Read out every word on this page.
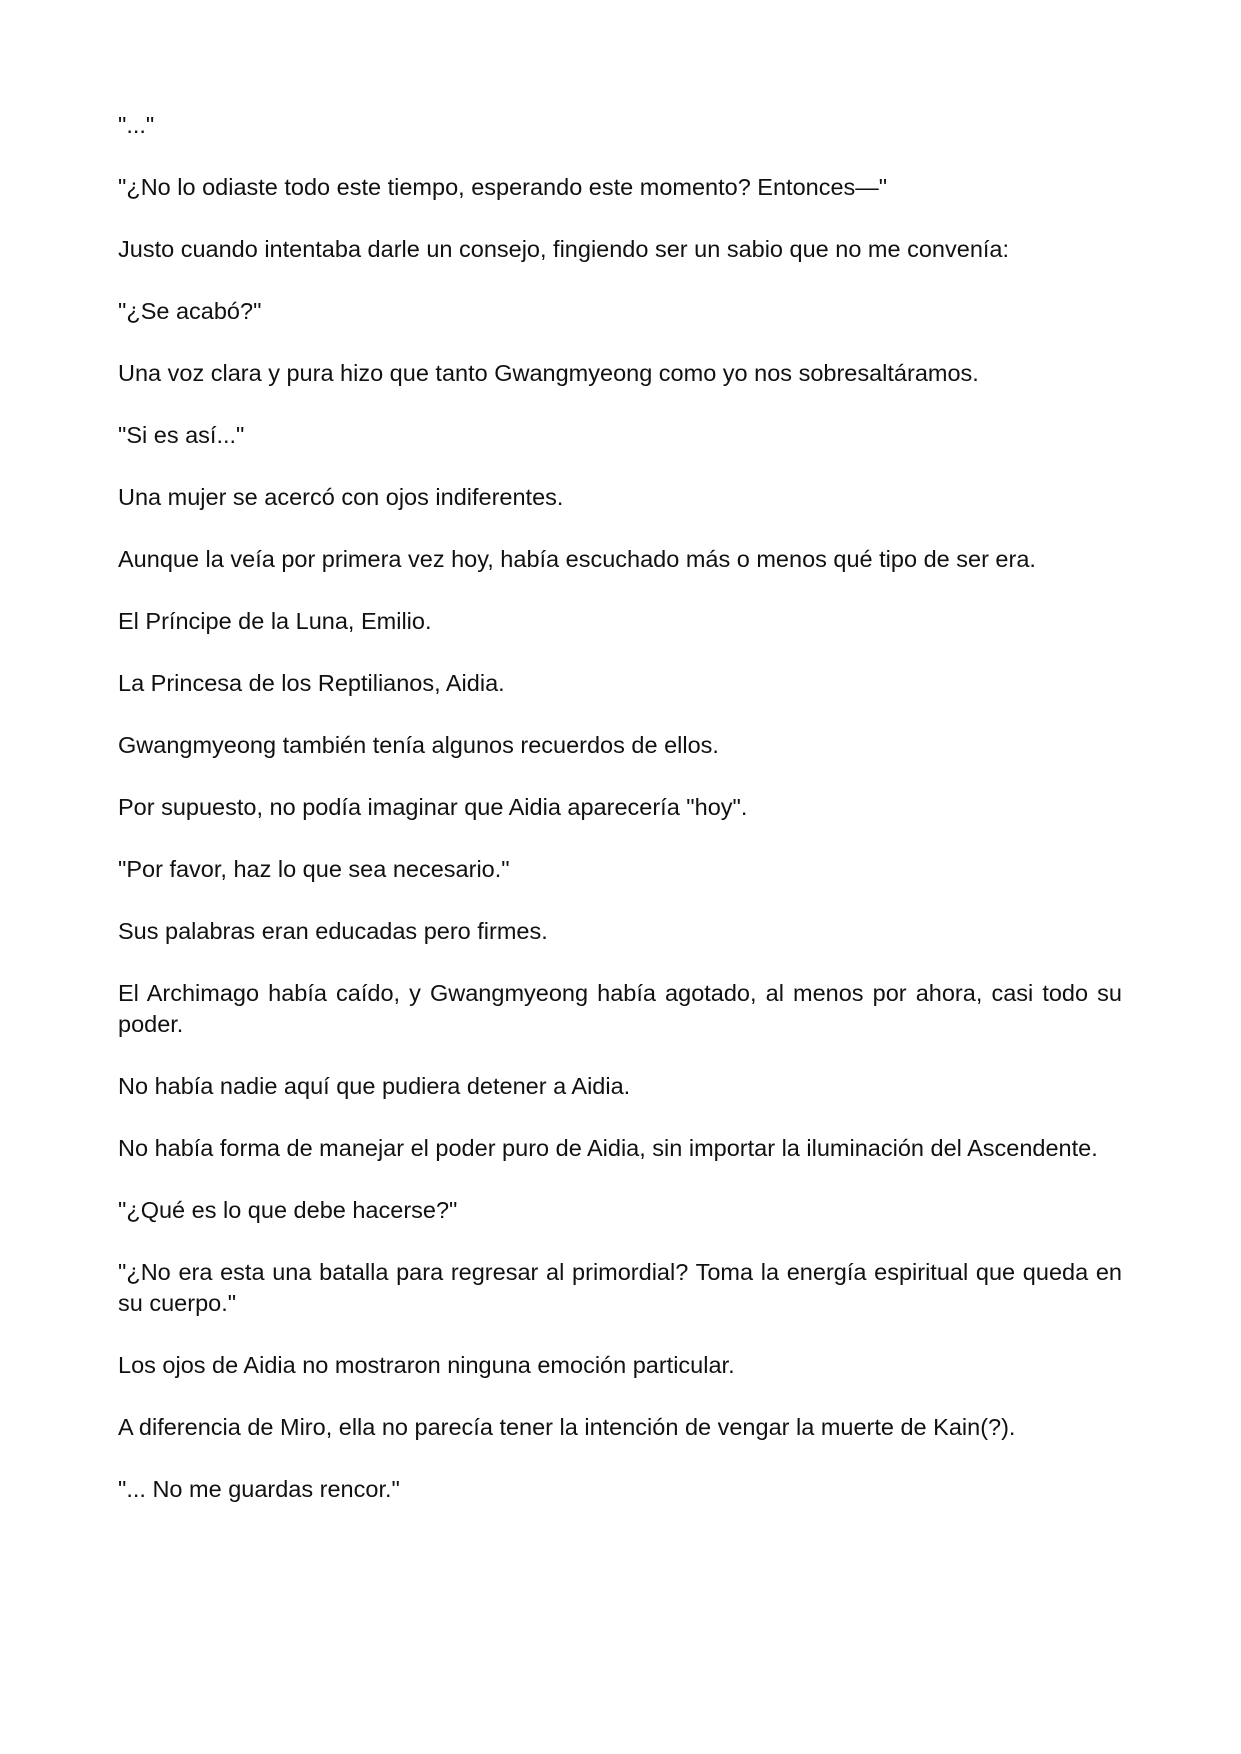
"..."

"¿No lo odiaste todo este tiempo, esperando este momento? Entonces—"

Justo cuando intentaba darle un consejo, fingiendo ser un sabio que no me convenía:

"¿Se acabó?"

Una voz clara y pura hizo que tanto Gwangmyeong como yo nos sobresaltáramos.

"Si es así..."

Una mujer se acercó con ojos indiferentes.

Aunque la veía por primera vez hoy, había escuchado más o menos qué tipo de ser era.

El Príncipe de la Luna, Emilio.

La Princesa de los Reptilianos, Aidia.

Gwangmyeong también tenía algunos recuerdos de ellos.

Por supuesto, no podía imaginar que Aidia aparecería "hoy".

"Por favor, haz lo que sea necesario."

Sus palabras eran educadas pero firmes.

El Archimago había caído, y Gwangmyeong había agotado, al menos por ahora, casi todo su poder.

No había nadie aquí que pudiera detener a Aidia.

No había forma de manejar el poder puro de Aidia, sin importar la iluminación del Ascendente.

"¿Qué es lo que debe hacerse?"

"¿No era esta una batalla para regresar al primordial? Toma la energía espiritual que queda en su cuerpo."

Los ojos de Aidia no mostraron ninguna emoción particular.

A diferencia de Miro, ella no parecía tener la intención de vengar la muerte de Kain(?).

"... No me guardas rencor."
